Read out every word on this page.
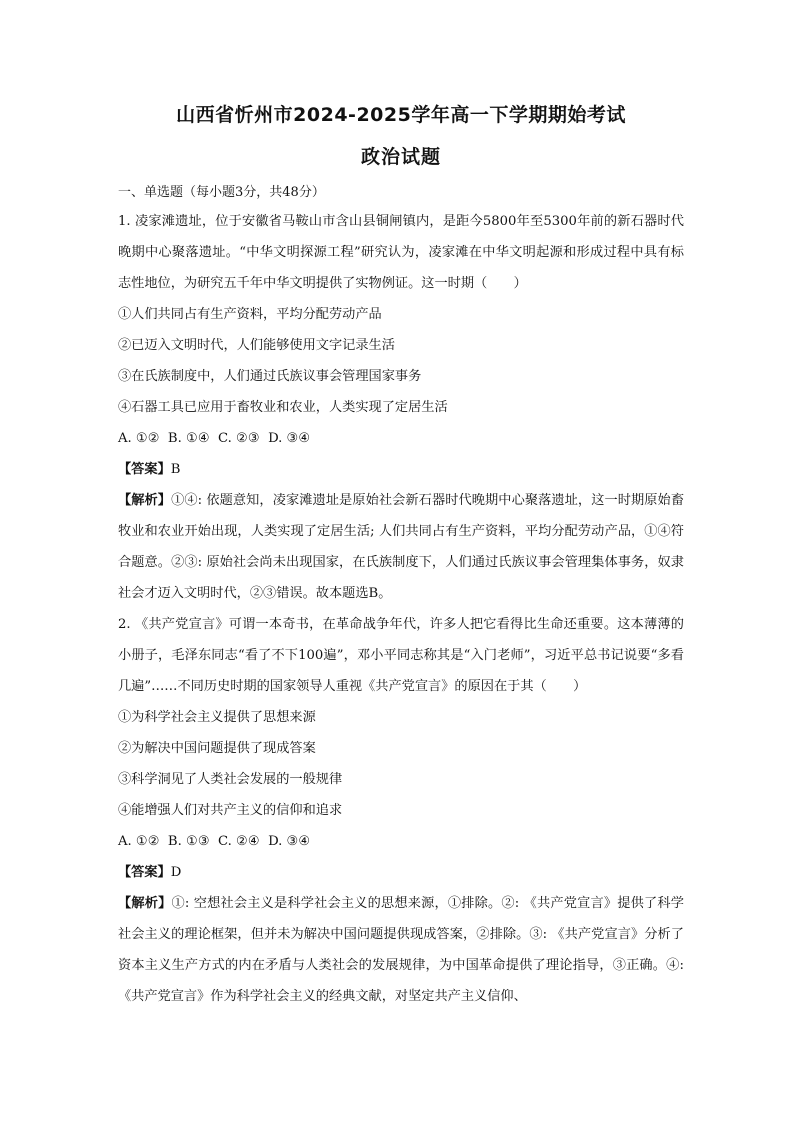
山西省忻州市2024-2025学年高一下学期期始考试
政治试题

一、单选题（每小题3分，共48分）

1. 凌家滩遗址，位于安徽省马鞍山市含山县铜闸镇内，是距今5800年至5300年前的新石器时代晚期中心聚落遗址。“中华文明探源工程”研究认为，凌家滩在中华文明起源和形成过程中具有标志性地位，为研究五千年中华文明提供了实物例证。这一时期（　　）

①人们共同占有生产资料，平均分配劳动产品

②已迈入文明时代，人们能够使用文字记录生活

③在氏族制度中，人们通过氏族议事会管理国家事务

④石器工具已应用于畜牧业和农业，人类实现了定居生活

A. ①②  B. ①④  C. ②③  D. ③④

【答案】B

【解析】①④: 依题意知，凌家滩遗址是原始社会新石器时代晚期中心聚落遗址，这一时期原始畜牧业和农业开始出现，人类实现了定居生活; 人们共同占有生产资料，平均分配劳动产品，①④符合题意。②③: 原始社会尚未出现国家，在氏族制度下，人们通过氏族议事会管理集体事务，奴隶社会才迈入文明时代，②③错误。故本题选B。

2. 《共产党宣言》可谓一本奇书，在革命战争年代，许多人把它看得比生命还重要。这本薄薄的小册子，毛泽东同志“看了不下100遍”，邓小平同志称其是“入门老师”，习近平总书记说要“多看几遍”……不同历史时期的国家领导人重视《共产党宣言》的原因在于其（　　）

①为科学社会主义提供了思想来源

②为解决中国问题提供了现成答案

③科学洞见了人类社会发展的一般规律

④能增强人们对共产主义的信仰和追求

A. ①②  B. ①③  C. ②④  D. ③④

【答案】D

【解析】①: 空想社会主义是科学社会主义的思想来源，①排除。②: 《共产党宣言》提供了科学社会主义的理论框架，但并未为解决中国问题提供现成答案，②排除。③: 《共产党宣言》分析了资本主义生产方式的内在矛盾与人类社会的发展规律，为中国革命提供了理论指导，③正确。④: 《共产党宣言》作为科学社会主义的经典文献，对坚定共产主义信仰、
